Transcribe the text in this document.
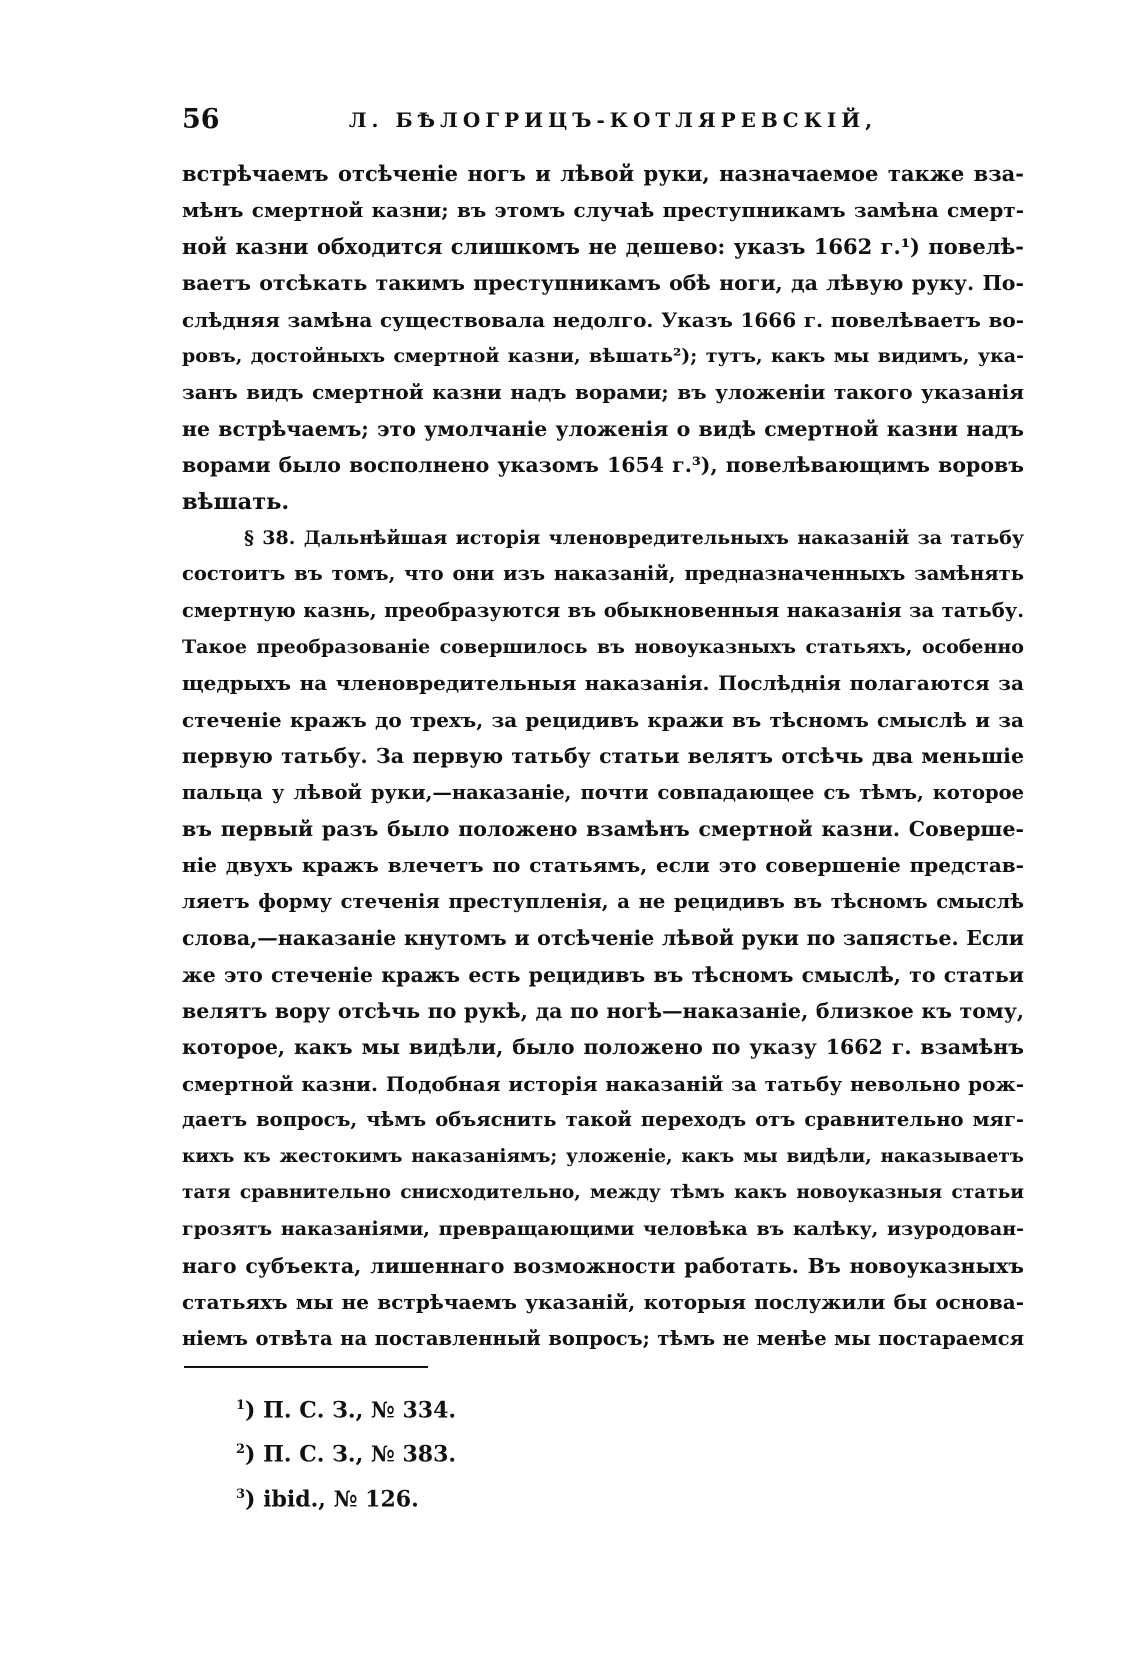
56	Л. БѢЛОГРИЦЪ-КОТЛЯРЕВСКІЙ,
встрѣчаемъ отсѣченіе ногъ и лѣвой руки, назначаемое также вза-
мѣнъ смертной казни; въ этомъ случаѣ преступникамъ замѣна смерт-
ной казни обходится слишкомъ не дешево: указъ 1662 г.¹) повелѣ-
ваетъ отсѣкать такимъ преступникамъ обѣ ноги, да лѣвую руку. По-
слѣдняя замѣна существовала недолго. Указъ 1666 г. повелѣваетъ во-
ровъ, достойныхъ смертной казни, вѣшать²); тутъ, какъ мы видимъ, ука-
занъ видъ смертной казни надъ ворами; въ уложеніи такого указанія
не встрѣчаемъ; это умолчаніе уложенія о видѣ смертной казни надъ
ворами было восполнено указомъ 1654 г.³), повелѣвающимъ воровъ
вѣшать.
§ 38. Дальнѣйшая исторія членовредительныхъ наказаній за татьбу
состоитъ въ томъ, что они изъ наказаній, предназначенныхъ замѣнять
смертную казнь, преобразуются въ обыкновенныя наказанія за татьбу.
Такое преобразованіе совершилось въ новоуказныхъ статьяхъ, особенно
щедрыхъ на членовредительныя наказанія. Послѣднія полагаются за
стеченіе кражъ до трехъ, за рецидивъ кражи въ тѣсномъ смыслѣ и за
первую татьбу. За первую татьбу статьи велятъ отсѣчь два меньшіе
пальца у лѣвой руки,—наказаніе, почти совпадающее съ тѣмъ, которое
въ первый разъ было положено взамѣнъ смертной казни. Соверше-
ніе двухъ кражъ влечетъ по статьямъ, если это совершеніе представ-
ляетъ форму стеченія преступленія, а не рецидивъ въ тѣсномъ смыслѣ
слова,—наказаніе кнутомъ и отсѣченіе лѣвой руки по запястье. Если
же это стеченіе кражъ есть рецидивъ въ тѣсномъ смыслѣ, то статьи
велятъ вору отсѣчь по рукѣ, да по ногѣ—наказаніе, близкое къ тому,
которое, какъ мы видѣли, было положено по указу 1662 г. взамѣнъ
смертной казни. Подобная исторія наказаній за татьбу невольно рож-
даетъ вопросъ, чѣмъ объяснить такой переходъ отъ сравнительно мяг-
кихъ къ жестокимъ наказаніямъ; уложеніе, какъ мы видѣли, наказываетъ
татя сравнительно снисходительно, между тѣмъ какъ новоуказныя статьи
грозятъ наказаніями, превращающими человѣка въ калѣку, изуродован-
наго субъекта, лишеннаго возможности работать. Въ новоуказныхъ
статьяхъ мы не встрѣчаемъ указаній, которыя послужили бы основа-
ніемъ отвѣта на поставленный вопросъ; тѣмъ не менѣе мы постараемся
$^1$) П. С. З., № 334.
$^2$) П. С. З., № 383.
$^3$) ibid., № 126.
